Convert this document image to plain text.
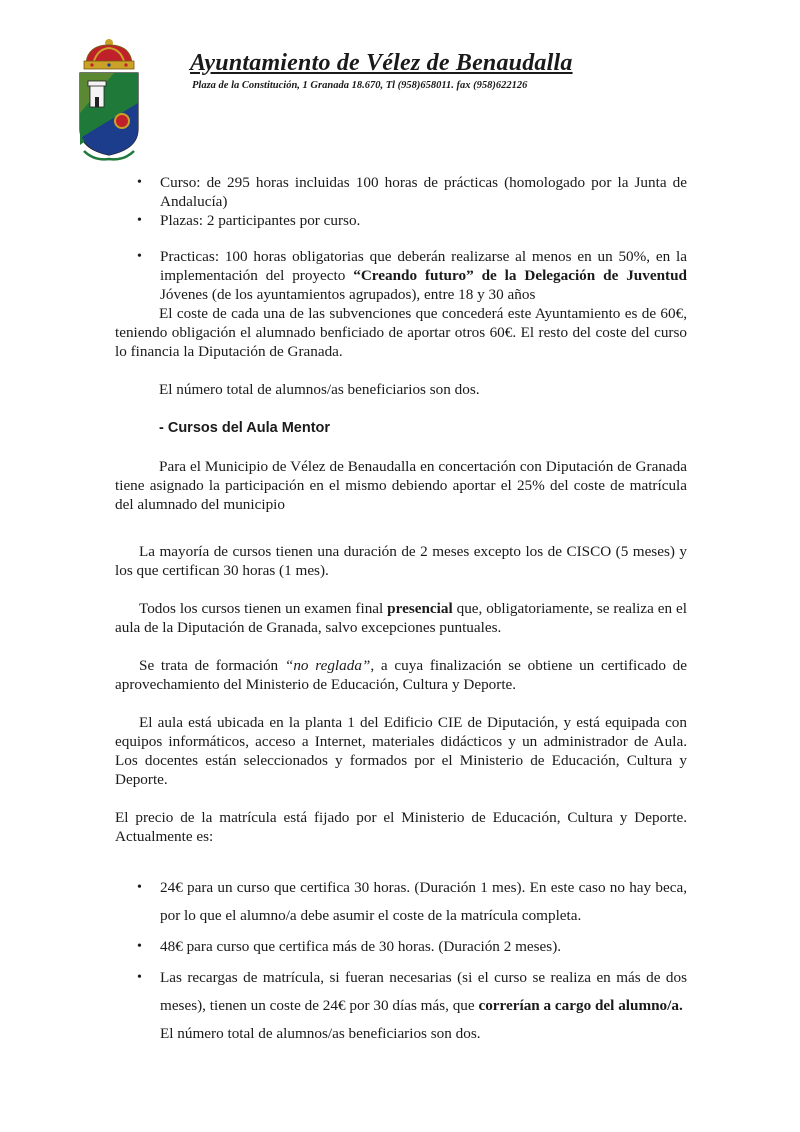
Ayuntamiento de Vélez de Benaudalla
Plaza de la Constitución, 1 Granada 18.670, Tl (958)658011. fax (958)622126
•	Curso: de 295 horas incluidas 100 horas de prácticas (homologado por la Junta de Andalucía)
•	Plazas: 2 participantes por curso.
•	Practicas: 100 horas obligatorias que deberán realizarse al menos en un 50%, en la implementación del proyecto “Creando futuro” de la Delegación de Juventud Jóvenes (de los ayuntamientos agrupados), entre 18 y 30 años

El coste de cada una de las subvenciones que concederá este Ayuntamiento es de 60€, teniendo obligación el alumnado benficiado de aportar otros 60€. El resto del coste del curso lo financia la Diputación de Granada.

El número total de alumnos/as beneficiarios son dos.

- Cursos del Aula Mentor

Para el Municipio de Vélez de Benaudalla en concertación con Diputación de Granada tiene asignado la participación en el mismo debiendo aportar el 25% del coste de matrícula del alumnado del municipio

La mayoría de cursos tienen una duración de 2 meses excepto los de CISCO (5 meses) y los que certifican 30 horas (1 mes).

Todos los cursos tienen un examen final presencial que, obligatoriamente, se realiza en el aula de la Diputación de Granada, salvo excepciones puntuales.

Se trata de formación “no reglada”, a cuya finalización se obtiene un certificado de aprovechamiento del Ministerio de Educación, Cultura y Deporte.

El aula está ubicada en la planta 1 del Edificio CIE de Diputación, y está equipada con equipos informáticos, acceso a Internet, materiales didácticos y un administrador de Aula. Los docentes están seleccionados y formados por el Ministerio de Educación, Cultura y Deporte.

El precio de la matrícula está fijado por el Ministerio de Educación, Cultura y Deporte. Actualmente es:

•	24€ para un curso que certifica 30 horas. (Duración 1 mes). En este caso no hay beca, por lo que el alumno/a debe asumir el coste de la matrícula completa.
•	48€ para curso que certifica más de 30 horas. (Duración 2 meses).
•	Las recargas de matrícula, si fueran necesarias (si el curso se realiza en más de dos meses), tienen un coste de 24€ por 30 días más, que correrían a cargo del alumno/a.

El número total de alumnos/as beneficiarios son dos.
